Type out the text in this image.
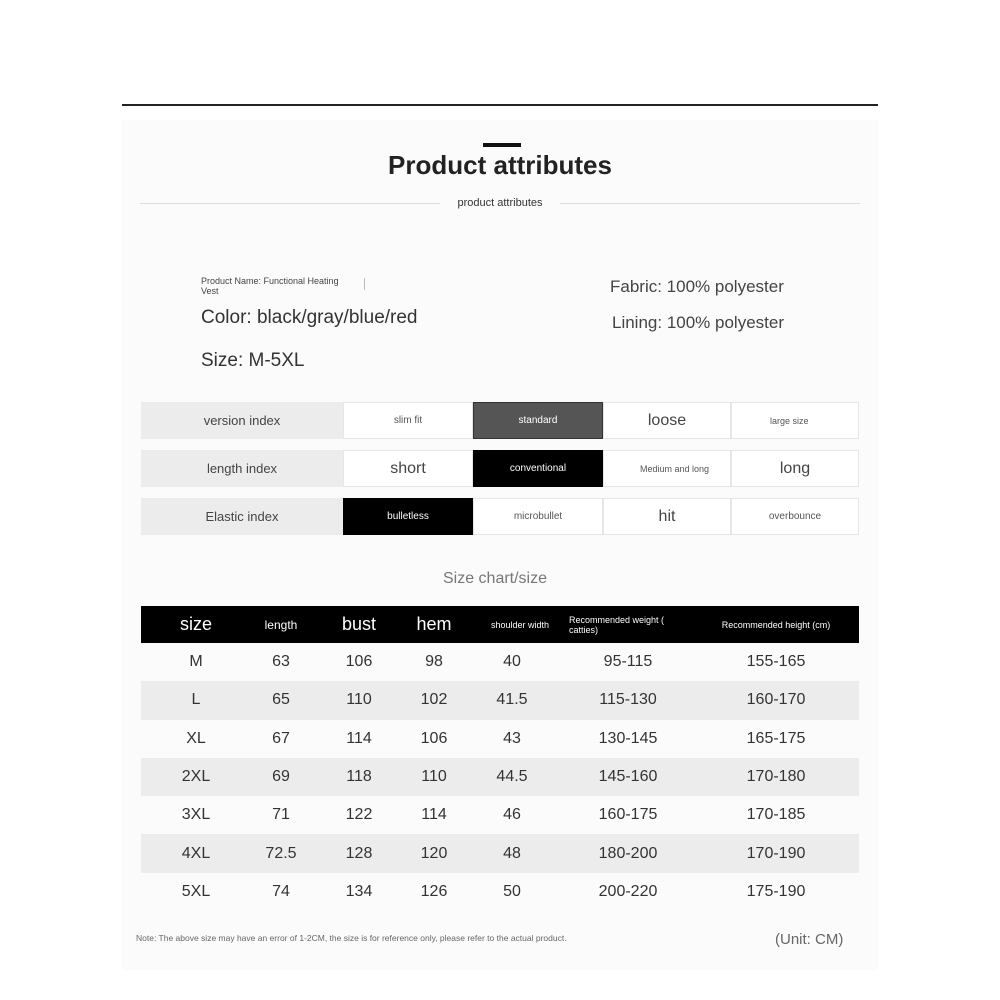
Product attributes
product attributes
Product Name: Functional Heating Vest
Color: black/gray/blue/red
Size: M-5XL
Fabric: 100% polyester
Lining: 100% polyester
version index	slim fit	standard	loose	large size
length index	short	conventional	Medium and long	long
Elastic index	bulletless	microbullet	hit	overbounce
Size chart/size
size	length	bust	hem	shoulder width	Recommended weight ( catties)	Recommended height (cm)
M	63	106	98	40	95-115	155-165
L	65	110	102	41.5	115-130	160-170
XL	67	114	106	43	130-145	165-175
2XL	69	118	110	44.5	145-160	170-180
3XL	71	122	114	46	160-175	170-185
4XL	72.5	128	120	48	180-200	170-190
5XL	74	134	126	50	200-220	175-190
Note: The above size may have an error of 1-2CM, the size is for reference only, please refer to the actual product.	(Unit: CM)
